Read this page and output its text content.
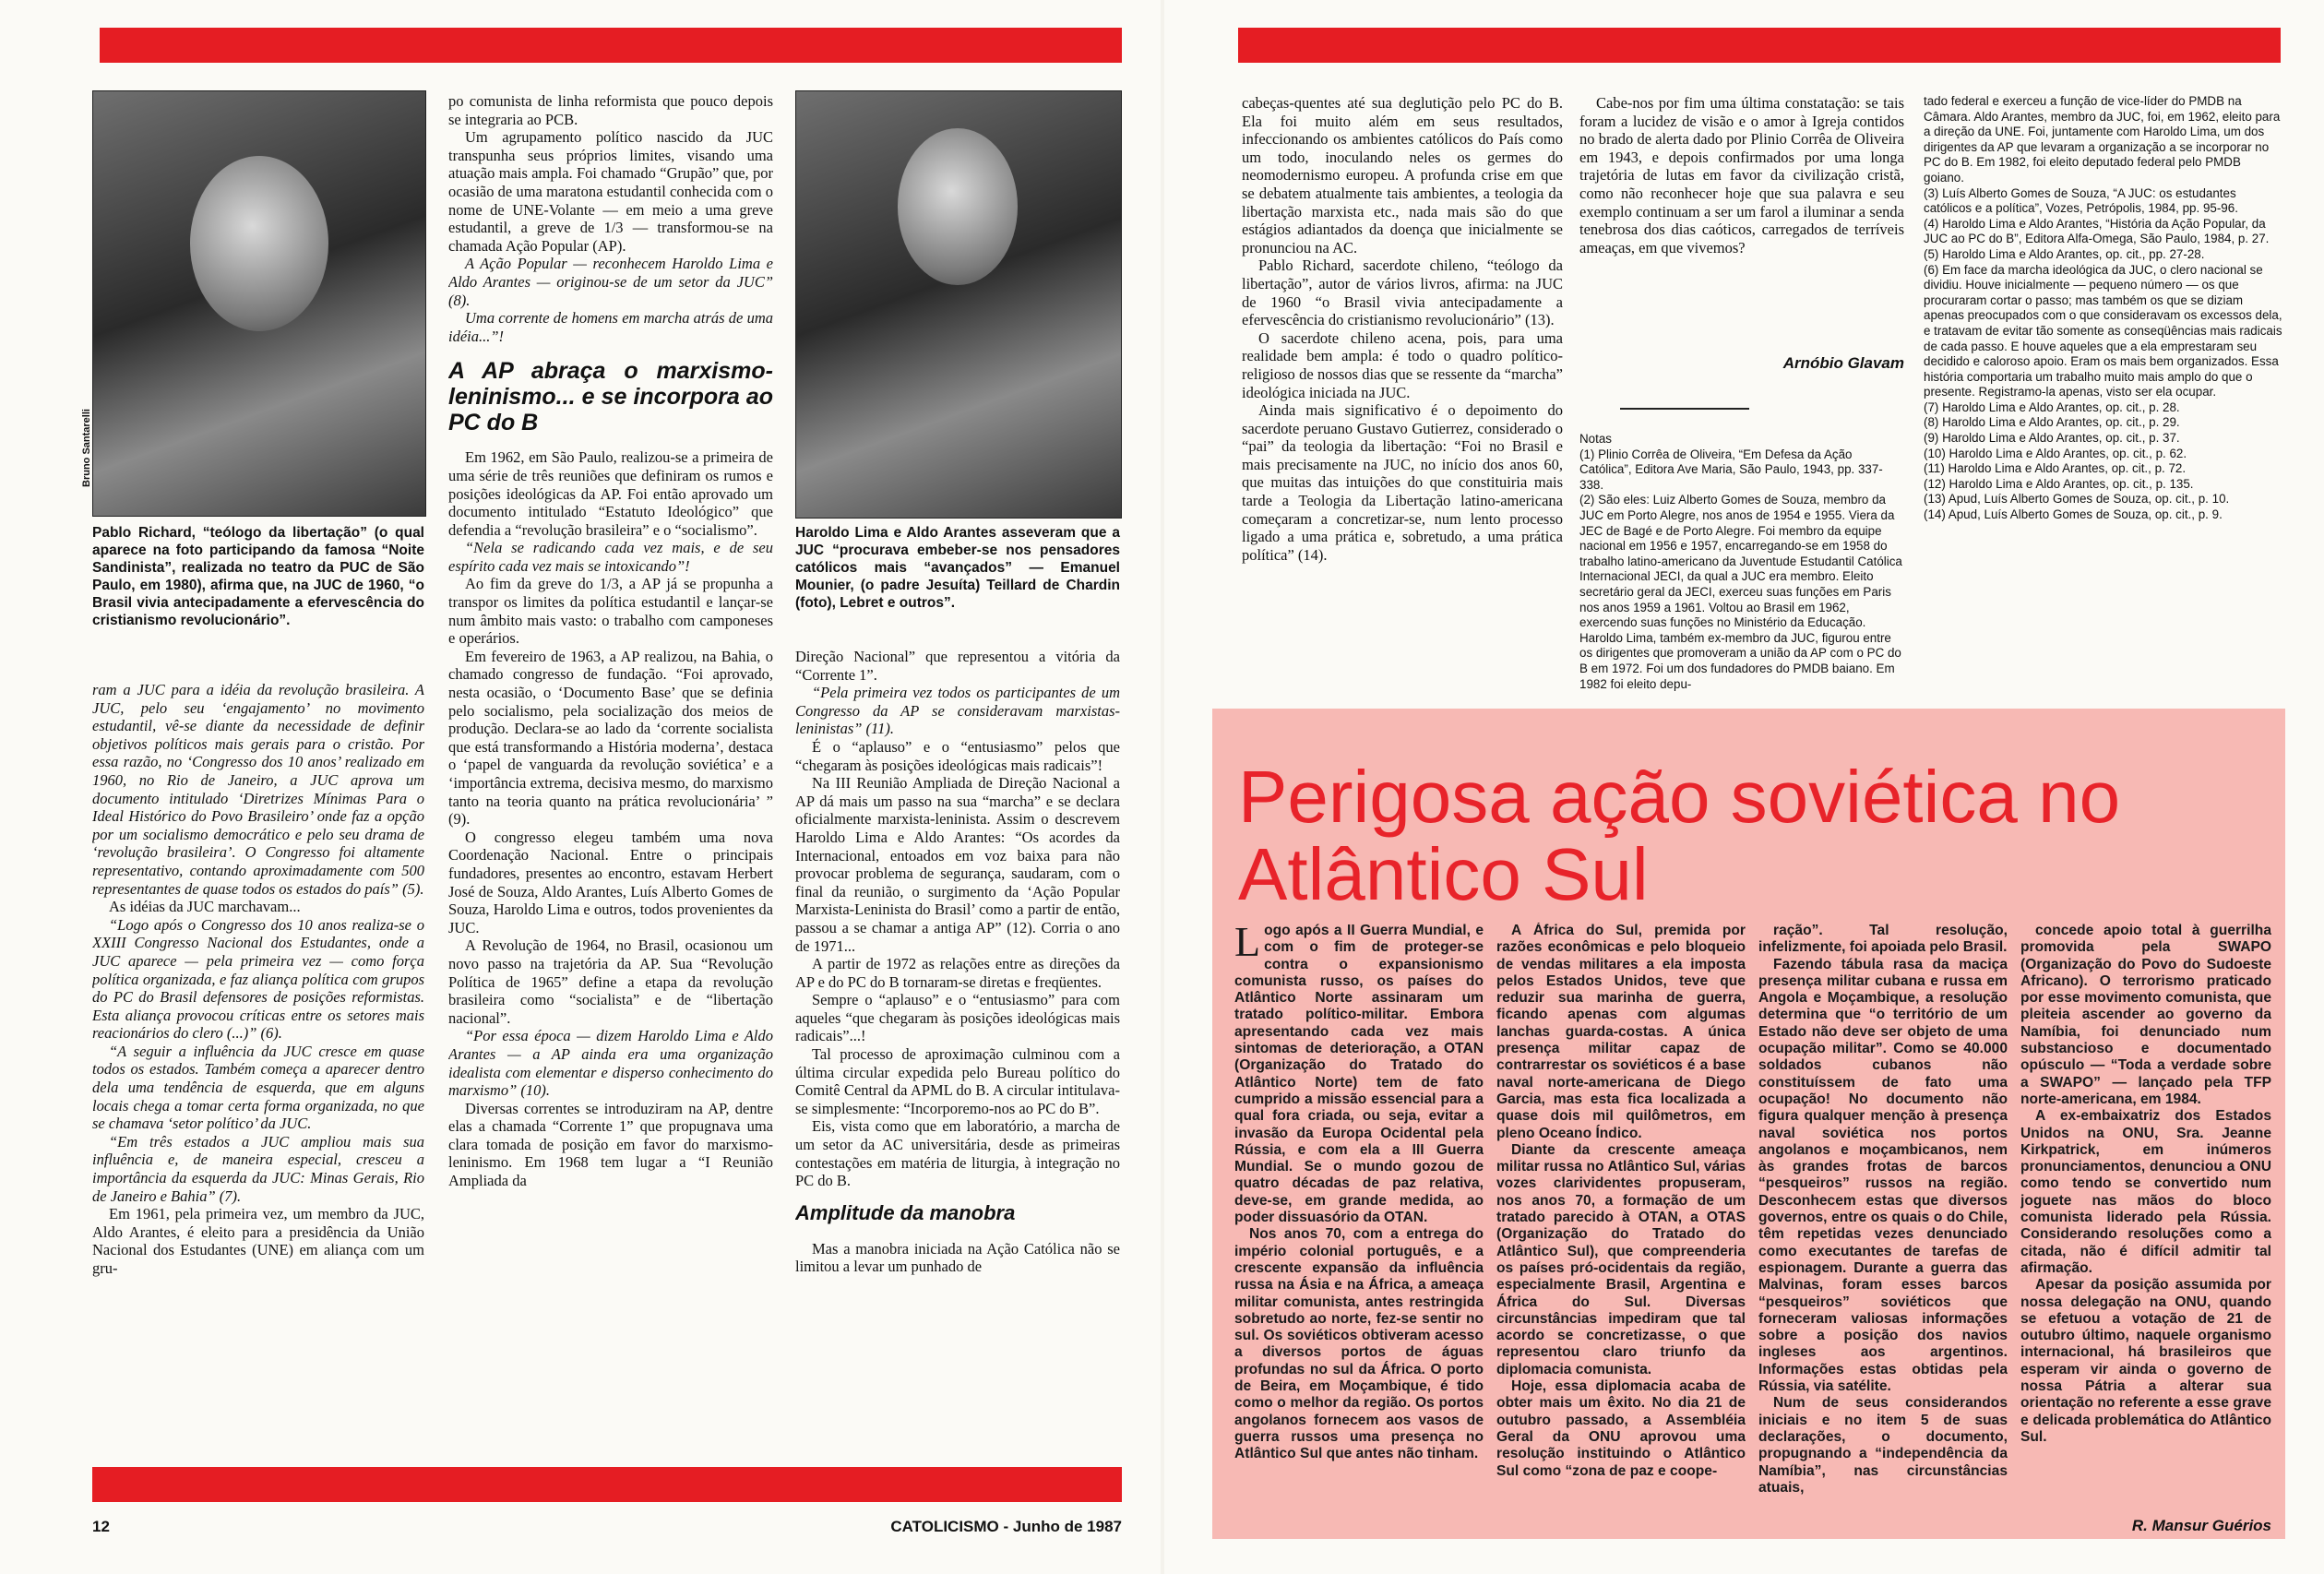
Bruno Santarelli
Pablo Richard, “teólogo da libertação” (o qual aparece na foto participando da famosa “Noite Sandinista”, realizada no teatro da PUC de São Paulo, em 1980), afirma que, na JUC de 1960, “o Brasil vivia antecipadamente a efervescência do cristianismo revolucionário”.

ram a JUC para a idéia da revolução brasileira. A JUC, pelo seu ‘engajamento’ no movimento estudantil, vê-se diante da necessidade de definir objetivos políticos mais gerais para o cristão. Por essa razão, no ‘Congresso dos 10 anos’ realizado em 1960, no Rio de Janeiro, a JUC aprova um documento intitulado ‘Diretrizes Mínimas Para o Ideal Histórico do Povo Brasileiro’ onde faz a opção por um socialismo democrático e pelo seu drama de ‘revolução brasileira’. O Congresso foi altamente representativo, contando aproximadamente com 500 representantes de quase todos os estados do país” (5).

As idéias da JUC marchavam...

“Logo após o Congresso dos 10 anos realiza-se o XXIII Congresso Nacional dos Estudantes, onde a JUC aparece — pela primeira vez — como força política organizada, e faz aliança política com grupos do PC do Brasil defensores de posições reformistas. Esta aliança provocou críticas entre os setores mais reacionários do clero (...)” (6).

“A seguir a influência da JUC cresce em quase todos os estados. Também começa a aparecer dentro dela uma tendência de esquerda, que em alguns locais chega a tomar certa forma organizada, no que se chamava ‘setor político’ da JUC.

“Em três estados a JUC ampliou mais sua influência e, de maneira especial, cresceu a importância da esquerda da JUC: Minas Gerais, Rio de Janeiro e Bahia” (7).

Em 1961, pela primeira vez, um membro da JUC, Aldo Arantes, é eleito para a presidência da União Nacional dos Estudantes (UNE) em aliança com um gru-

po comunista de linha reformista que pouco depois se integraria ao PCB.

Um agrupamento político nascido da JUC transpunha seus próprios limites, visando uma atuação mais ampla. Foi chamado “Grupão” que, por ocasião de uma maratona estudantil conhecida com o nome de UNE-Volante — em meio a uma greve estudantil, a greve de 1/3 — transformou-se na chamada Ação Popular (AP).

A Ação Popular — reconhecem Haroldo Lima e Aldo Arantes — originou-se de um setor da JUC” (8).

Uma corrente de homens em marcha atrás de uma idéia...”!

A AP abraça o marxismo-leninismo... e se incorpora ao PC do B

Em 1962, em São Paulo, realizou-se a primeira de uma série de três reuniões que definiram os rumos e posições ideológicas da AP. Foi então aprovado um documento intitulado “Estatuto Ideológico” que defendia a “revolução brasileira” e o “socialismo”.

“Nela se radicando cada vez mais, e de seu espírito cada vez mais se intoxicando”!

Ao fim da greve do 1/3, a AP já se propunha a transpor os limites da política estudantil e lançar-se num âmbito mais vasto: o trabalho com camponeses e operários.

Em fevereiro de 1963, a AP realizou, na Bahia, o chamado congresso de fundação. “Foi aprovado, nesta ocasião, o ‘Documento Base’ que se definia pelo socialismo, pela socialização dos meios de produção. Declara-se ao lado da ‘corrente socialista que está transformando a História moderna’, destaca o ‘papel de vanguarda da revolução soviética’ e a ‘importância extrema, decisiva mesmo, do marxismo tanto na teoria quanto na prática revolucionária’ ” (9).

O congresso elegeu também uma nova Coordenação Nacional. Entre o principais fundadores, presentes ao encontro, estavam Herbert José de Souza, Aldo Arantes, Luís Alberto Gomes de Souza, Haroldo Lima e outros, todos provenientes da JUC.

A Revolução de 1964, no Brasil, ocasionou um novo passo na trajetória da AP. Sua “Revolução Política de 1965” define a etapa da revolução brasileira como “socialista” e de “libertação nacional”.

“Por essa época — dizem Haroldo Lima e Aldo Arantes — a AP ainda era uma organização idealista com elementar e disperso conhecimento do marxismo” (10).

Diversas correntes se introduziram na AP, dentre elas a chamada “Corrente 1” que propugnava uma clara tomada de posição em favor do marxismo-leninismo. Em 1968 tem lugar a “I Reunião Ampliada da

Haroldo Lima e Aldo Arantes asseveram que a JUC “procurava embeber-se nos pensadores católicos mais “avançados” — Emanuel Mounier, (o padre Jesuíta) Teillard de Chardin (foto), Lebret e outros”.

Direção Nacional” que representou a vitória da “Corrente 1”.

“Pela primeira vez todos os participantes de um Congresso da AP se consideravam marxistas-leninistas” (11).

É o “aplauso” e o “entusiasmo” pelos que “chegaram às posições ideológicas mais radicais”!

Na III Reunião Ampliada de Direção Nacional a AP dá mais um passo na sua “marcha” e se declara oficialmente marxista-leninista. Assim o descrevem Haroldo Lima e Aldo Arantes: “Os acordes da Internacional, entoados em voz baixa para não provocar problema de segurança, saudaram, com o final da reunião, o surgimento da ‘Ação Popular Marxista-Leninista do Brasil’ como a partir de então, passou a se chamar a antiga AP” (12). Corria o ano de 1971...

A partir de 1972 as relações entre as direções da AP e do PC do B tornaram-se diretas e freqüentes.

Sempre o “aplauso” e o “entusiasmo” para com aqueles “que chegaram às posições ideológicas mais radicais”...!

Tal processo de aproximação culminou com a última circular expedida pelo Bureau político do Comitê Central da APML do B. A circular intitulava-se simplesmente: “Incorporemo-nos ao PC do B”.

Eis, vista como que em laboratório, a marcha de um setor da AC universitária, desde as primeiras contestações em matéria de liturgia, à integração no PC do B.

Amplitude da manobra

Mas a manobra iniciada na Ação Católica não se limitou a levar um punhado de

12	CATOLICISMO - Junho de 1987

cabeças-quentes até sua deglutição pelo PC do B. Ela foi muito além em seus resultados, infeccionando os ambientes católicos do País como um todo, inoculando neles os germes do neomodernismo europeu. A profunda crise em que se debatem atualmente tais ambientes, a teologia da libertação marxista etc., nada mais são do que estágios adiantados da doença que inicialmente se pronunciou na AC.

Pablo Richard, sacerdote chileno, “teólogo da libertação”, autor de vários livros, afirma: na JUC de 1960 “o Brasil vivia antecipadamente a efervescência do cristianismo revolucionário” (13).

O sacerdote chileno acena, pois, para uma realidade bem ampla: é todo o quadro político-religioso de nossos dias que se ressente da “marcha” ideológica iniciada na JUC.

Ainda mais significativo é o depoimento do sacerdote peruano Gustavo Gutierrez, considerado o “pai” da teologia da libertação: “Foi no Brasil e mais precisamente na JUC, no início dos anos 60, que muitas das intuições do que constituiria mais tarde a Teologia da Libertação latino-americana começaram a concretizar-se, num lento processo ligado a uma prática e, sobretudo, a uma prática política” (14).

Cabe-nos por fim uma última constatação: se tais foram a lucidez de visão e o amor à Igreja contidos no brado de alerta dado por Plinio Corrêa de Oliveira em 1943, e depois confirmados por uma longa trajetória de lutas em favor da civilização cristã, como não reconhecer hoje que sua palavra e seu exemplo continuam a ser um farol a iluminar a senda tenebrosa dos dias caóticos, carregados de terríveis ameaças, em que vivemos?

Arnóbio Glavam
Notas
(1) Plinio Corrêa de Oliveira, “Em Defesa da Ação Católica”, Editora Ave Maria, São Paulo, 1943, pp. 337-338.
(2) São eles: Luiz Alberto Gomes de Souza, membro da JUC em Porto Alegre, nos anos de 1954 e 1955. Viera da JEC de Bagé e de Porto Alegre. Foi membro da equipe nacional em 1956 e 1957, encarregando-se em 1958 do trabalho latino-americano da Juventude Estudantil Católica Internacional JECI, da qual a JUC era membro. Eleito secretário geral da JECI, exerceu suas funções em Paris nos anos 1959 a 1961. Voltou ao Brasil em 1962, exercendo suas funções no Ministério da Educação. Haroldo Lima, também ex-membro da JUC, figurou entre os dirigentes que promoveram a união da AP com o PC do B em 1972. Foi um dos fundadores do PMDB baiano. Em 1982 foi eleito depu-
tado federal e exerceu a função de vice-líder do PMDB na Câmara. Aldo Arantes, membro da JUC, foi, em 1962, eleito para a direção da UNE. Foi, juntamente com Haroldo Lima, um dos dirigentes da AP que levaram a organização a se incorporar no PC do B. Em 1982, foi eleito deputado federal pelo PMDB goiano.
(3) Luís Alberto Gomes de Souza, “A JUC: os estudantes católicos e a política”, Vozes, Petrópolis, 1984, pp. 95-96.
(4) Haroldo Lima e Aldo Arantes, “História da Ação Popular, da JUC ao PC do B”, Editora Alfa-Omega, São Paulo, 1984, p. 27.
(5) Haroldo Lima e Aldo Arantes, op. cit., pp. 27-28.
(6) Em face da marcha ideológica da JUC, o clero nacional se dividiu. Houve inicialmente — pequeno número — os que procuraram cortar o passo; mas também os que se diziam apenas preocupados com o que consideravam os excessos dela, e tratavam de evitar tão somente as conseqüências mais radicais de cada passo. E houve aqueles que a ela emprestaram seu decidido e caloroso apoio. Eram os mais bem organizados. Essa história comportaria um trabalho muito mais amplo do que o presente. Registramo-la apenas, visto ser ela ocupar.
(7) Haroldo Lima e Aldo Arantes, op. cit., p. 28.
(8) Haroldo Lima e Aldo Arantes, op. cit., p. 29.
(9) Haroldo Lima e Aldo Arantes, op. cit., p. 37.
(10) Haroldo Lima e Aldo Arantes, op. cit., p. 62.
(11) Haroldo Lima e Aldo Arantes, op. cit., p. 72.
(12) Haroldo Lima e Aldo Arantes, op. cit., p. 135.
(13) Apud, Luís Alberto Gomes de Souza, op. cit., p. 10.
(14) Apud, Luís Alberto Gomes de Souza, op. cit., p. 9.
Perigosa ação soviética no Atlântico Sul

Logo após a II Guerra Mundial, e com o fim de proteger-se contra o expansionismo comunista russo, os países do Atlântico Norte assinaram um tratado político-militar. Embora apresentando cada vez mais sintomas de deterioração, a OTAN (Organização do Tratado do Atlântico Norte) tem de fato cumprido a missão essencial para a qual fora criada, ou seja, evitar a invasão da Europa Ocidental pela Rússia, e com ela a III Guerra Mundial. Se o mundo gozou de quatro décadas de paz relativa, deve-se, em grande medida, ao poder dissuasório da OTAN.

Nos anos 70, com a entrega do império colonial português, e a crescente expansão da influência russa na Ásia e na África, a ameaça militar comunista, antes restringida sobretudo ao norte, fez-se sentir no sul. Os soviéticos obtiveram acesso a diversos portos de águas profundas no sul da África. O porto de Beira, em Moçambique, é tido como o melhor da região. Os portos angolanos fornecem aos vasos de guerra russos uma presença no Atlântico Sul que antes não tinham.

A África do Sul, premida por razões econômicas e pelo bloqueio de vendas militares a ela imposta pelos Estados Unidos, teve que reduzir sua marinha de guerra, ficando apenas com algumas lanchas guarda-costas. A única presença militar capaz de contrarrestar os soviéticos é a base naval norte-americana de Diego Garcia, mas esta fica localizada a quase dois mil quilômetros, em pleno Oceano Índico.

Diante da crescente ameaça militar russa no Atlântico Sul, várias vozes clarividentes propuseram, nos anos 70, a formação de um tratado parecido à OTAN, a OTAS (Organização do Tratado do Atlântico Sul), que compreenderia os países pró-ocidentais da região, especialmente Brasil, Argentina e África do Sul. Diversas circunstâncias impediram que tal acordo se concretizasse, o que representou claro triunfo da diplomacia comunista.

Hoje, essa diplomacia acaba de obter mais um êxito. No dia 21 de outubro passado, a Assembléia Geral da ONU aprovou uma resolução instituindo o Atlântico Sul como “zona de paz e coope-

ração”. Tal resolução, infelizmente, foi apoiada pelo Brasil.

Fazendo tábula rasa da maciça presença militar cubana e russa em Angola e Moçambique, a resolução determina que “o território de um Estado não deve ser objeto de uma ocupação militar”. Como se 40.000 soldados cubanos não constituíssem de fato uma ocupação! No documento não figura qualquer menção à presença naval soviética nos portos angolanos e moçambicanos, nem às grandes frotas de barcos “pesqueiros” russos na região. Desconhecem estas que diversos governos, entre os quais o do Chile, têm repetidas vezes denunciado como executantes de tarefas de espionagem. Durante a guerra das Malvinas, foram esses barcos “pesqueiros” soviéticos que forneceram valiosas informações sobre a posição dos navios ingleses aos argentinos. Informações estas obtidas pela Rússia, via satélite.

Num de seus considerandos iniciais e no item 5 de suas declarações, o documento, propugnando a “independência da Namíbia”, nas circunstâncias atuais,

concede apoio total à guerrilha promovida pela SWAPO (Organização do Povo do Sudoeste Africano). O terrorismo praticado por esse movimento comunista, que pleiteia ascender ao governo da Namíbia, foi denunciado num substancioso e documentado opúsculo — “Toda a verdade sobre a SWAPO” — lançado pela TFP norte-americana, em 1984.

A ex-embaixatriz dos Estados Unidos na ONU, Sra. Jeanne Kirkpatrick, em inúmeros pronunciamentos, denunciou a ONU como tendo se convertido num joguete nas mãos do bloco comunista liderado pela Rússia. Considerando resoluções como a citada, não é difícil admitir tal afirmação.

Apesar da posição assumida por nossa delegação na ONU, quando se efetuou a votação de 21 de outubro último, naquele organismo internacional, há brasileiros que esperam vir ainda o governo de nossa Pátria a alterar sua orientação no referente a esse grave e delicada problemática do Atlântico Sul.

R. Mansur Guérios
